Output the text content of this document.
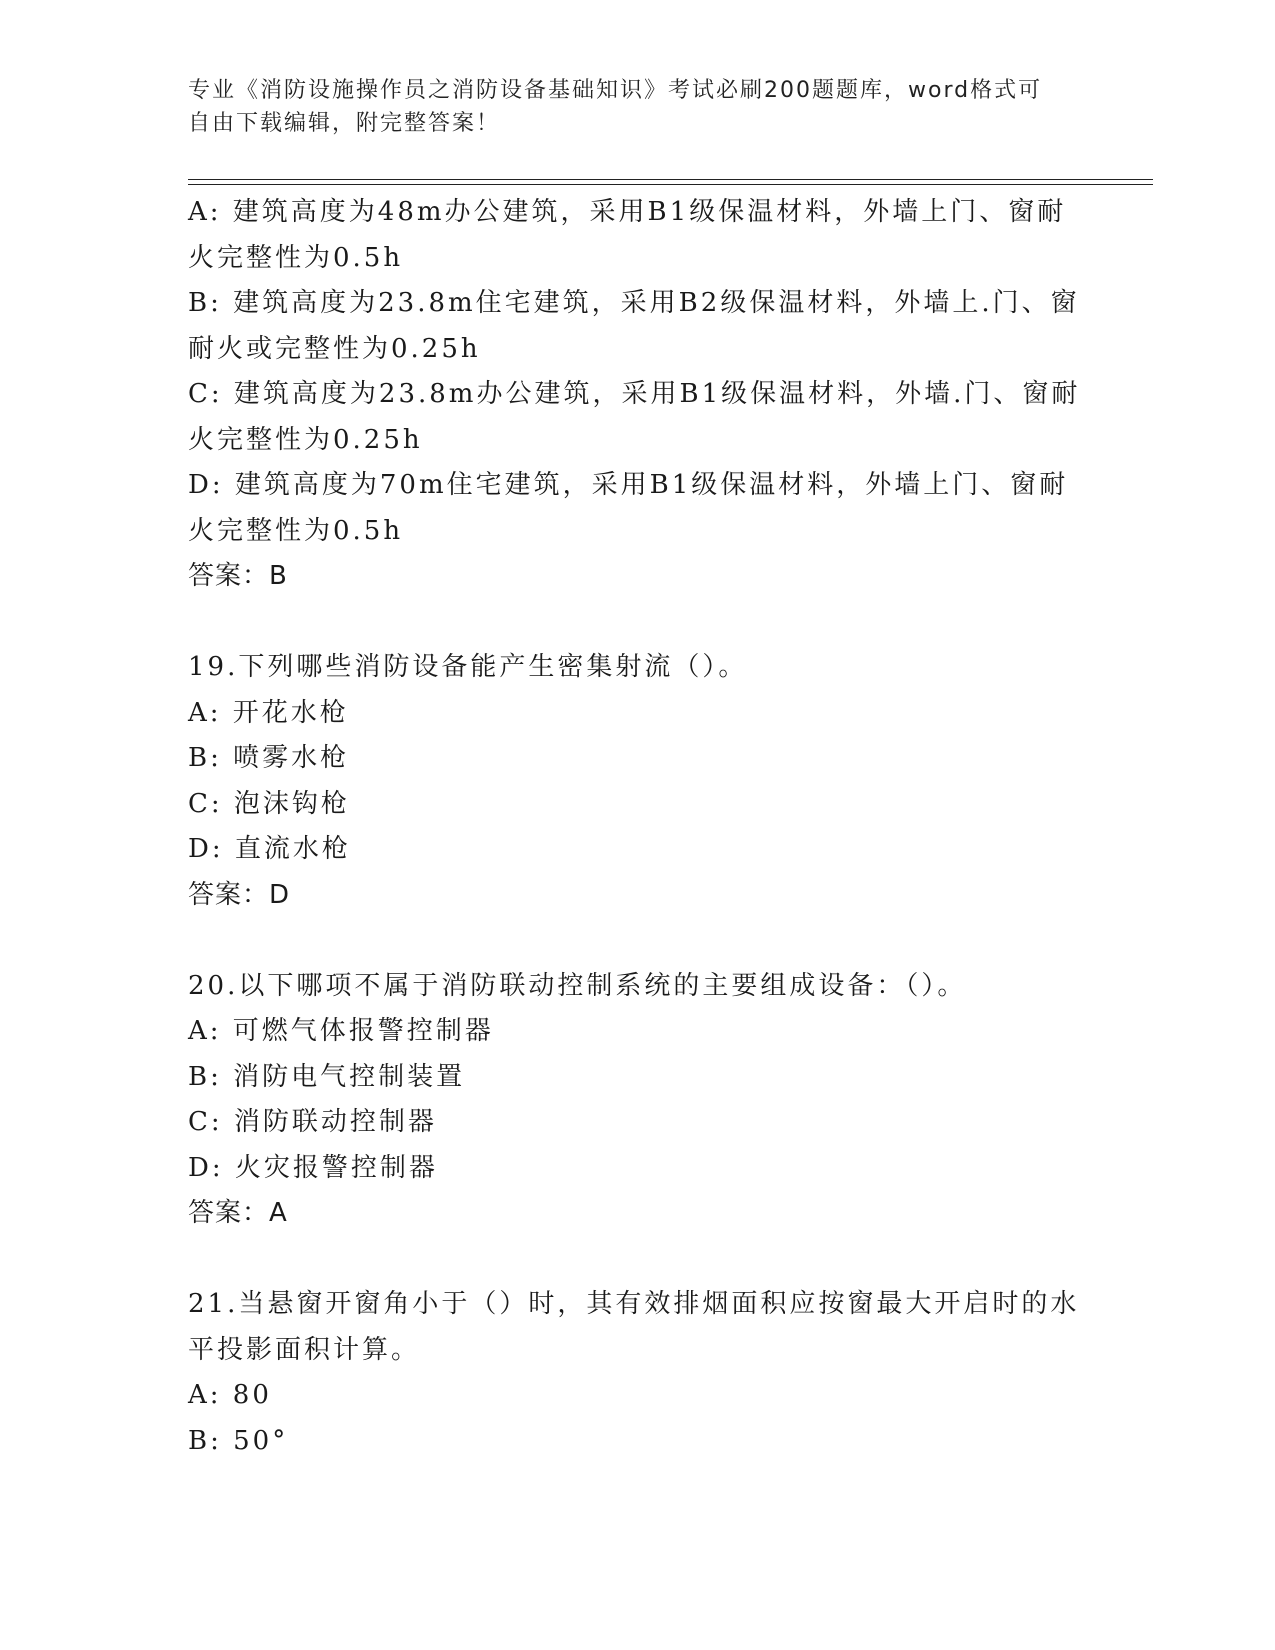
专业《消防设施操作员之消防设备基础知识》考试必刷200题题库，word格式可
自由下载编辑，附完整答案！
A: 建筑高度为48m办公建筑，采用B1级保温材料，外墙上门、窗耐
火完整性为0.5h
B: 建筑高度为23.8m住宅建筑，采用B2级保温材料，外墙上.门、窗
耐火或完整性为0.25h
C: 建筑高度为23.8m办公建筑，采用B1级保温材料，外墙.门、窗耐
火完整性为0.25h
D: 建筑高度为70m住宅建筑，采用B1级保温材料，外墙上门、窗耐
火完整性为0.5h
答案：B
19.下列哪些消防设备能产生密集射流（）。
A: 开花水枪
B: 喷雾水枪
C: 泡沫钩枪
D: 直流水枪
答案：D
20.以下哪项不属于消防联动控制系统的主要组成设备：（）。
A: 可燃气体报警控制器
B: 消防电气控制装置
C: 消防联动控制器
D: 火灾报警控制器
答案：A
21.当悬窗开窗角小于（）时，其有效排烟面积应按窗最大开启时的水
平投影面积计算。
A: 80
B: 50°
